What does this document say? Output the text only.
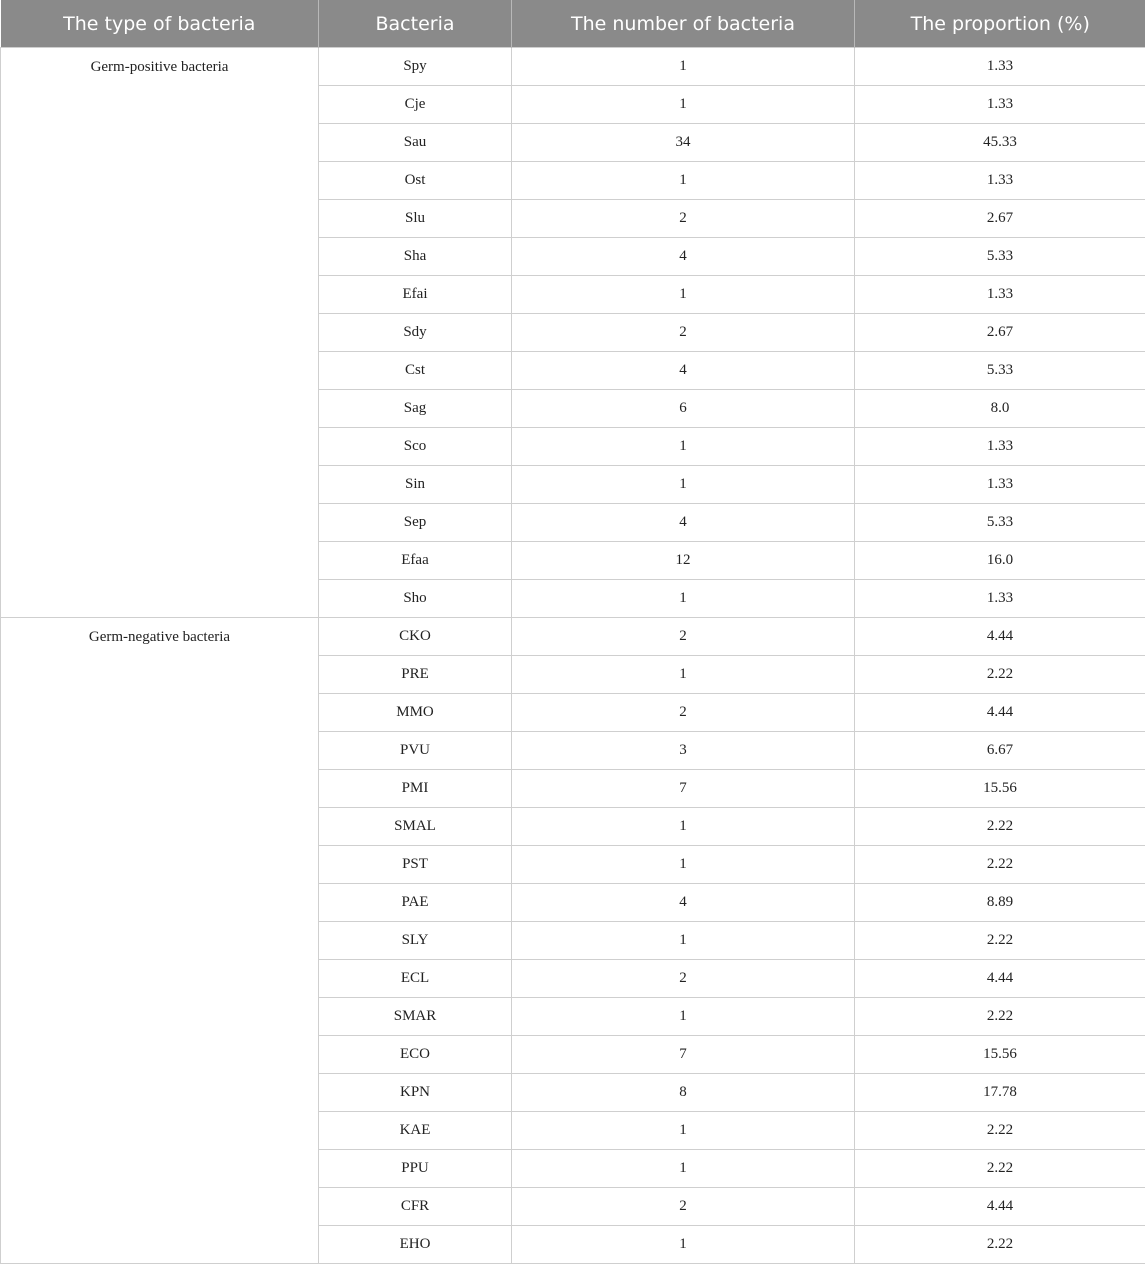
The type of bacteria	Bacteria	The number of bacteria	The proportion (%)
Germ-positive bacteria	Spy	1	1.33
	Cje	1	1.33
	Sau	34	45.33
	Ost	1	1.33
	Slu	2	2.67
	Sha	4	5.33
	Efai	1	1.33
	Sdy	2	2.67
	Cst	4	5.33
	Sag	6	8.0
	Sco	1	1.33
	Sin	1	1.33
	Sep	4	5.33
	Efaa	12	16.0
	Sho	1	1.33
Germ-negative bacteria	CKO	2	4.44
	PRE	1	2.22
	MMO	2	4.44
	PVU	3	6.67
	PMI	7	15.56
	SMAL	1	2.22
	PST	1	2.22
	PAE	4	8.89
	SLY	1	2.22
	ECL	2	4.44
	SMAR	1	2.22
	ECO	7	15.56
	KPN	8	17.78
	KAE	1	2.22
	PPU	1	2.22
	CFR	2	4.44
	EHO	1	2.22
